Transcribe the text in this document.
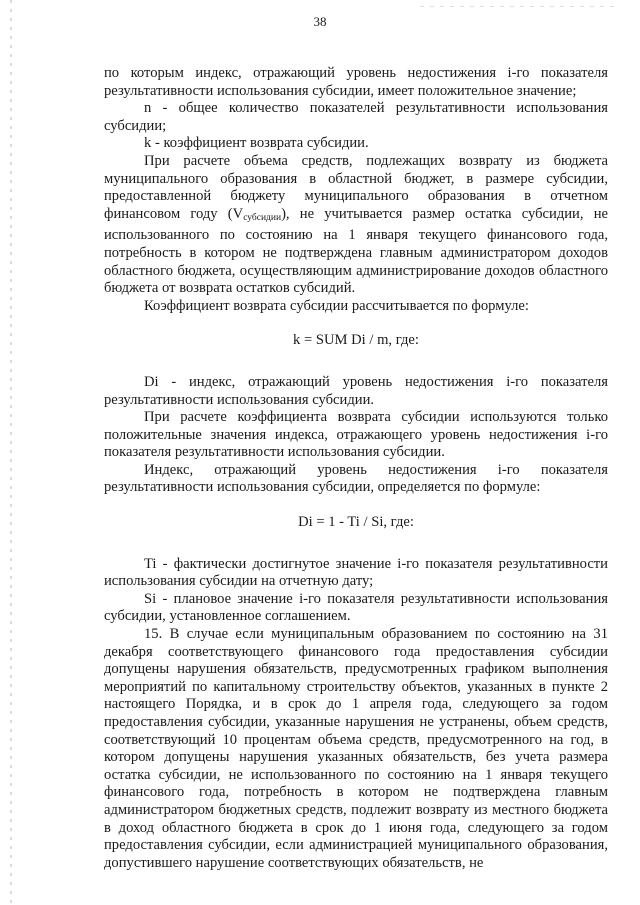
38

по которым индекс, отражающий уровень недостижения i-го показателя результативности использования субсидии, имеет положительное значение;

n - общее количество показателей результативности использования субсидии;

k - коэффициент возврата субсидии.

При расчете объема средств, подлежащих возврату из бюджета муниципального образования в областной бюджет, в размере субсидии, предоставленной бюджету муниципального образования в отчетном финансовом году $(V_{субсидии})$, не учитывается размер остатка субсидии, не использованного по состоянию на 1 января текущего финансового года, потребность в котором не подтверждена главным администратором доходов областного бюджета, осуществляющим администрирование доходов областного бюджета от возврата остатков субсидий.

Коэффициент возврата субсидии рассчитывается по формуле:

k = SUM Di / m, где:

Di - индекс, отражающий уровень недостижения i-го показателя результативности использования субсидии.

При расчете коэффициента возврата субсидии используются только положительные значения индекса, отражающего уровень недостижения i-го показателя результативности использования субсидии.

Индекс, отражающий уровень недостижения i-го показателя результативности использования субсидии, определяется по формуле:

Di = 1 - Ti / Si, где:

Ti - фактически достигнутое значение i-го показателя результативности использования субсидии на отчетную дату;

Si - плановое значение i-го показателя результативности использования субсидии, установленное соглашением.

15. В случае если муниципальным образованием по состоянию на 31 декабря соответствующего финансового года предоставления субсидии допущены нарушения обязательств, предусмотренных графиком выполнения мероприятий по капитальному строительству объектов, указанных в пункте 2 настоящего Порядка, и в срок до 1 апреля года, следующего за годом предоставления субсидии, указанные нарушения не устранены, объем средств, соответствующий 10 процентам объема средств, предусмотренного на год, в котором допущены нарушения указанных обязательств, без учета размера остатка субсидии, не использованного по состоянию на 1 января текущего финансового года, потребность в котором не подтверждена главным администратором бюджетных средств, подлежит возврату из местного бюджета в доход областного бюджета в срок до 1 июня года, следующего за годом предоставления субсидии, если администрацией муниципального образования, допустившего нарушение соответствующих обязательств, не
